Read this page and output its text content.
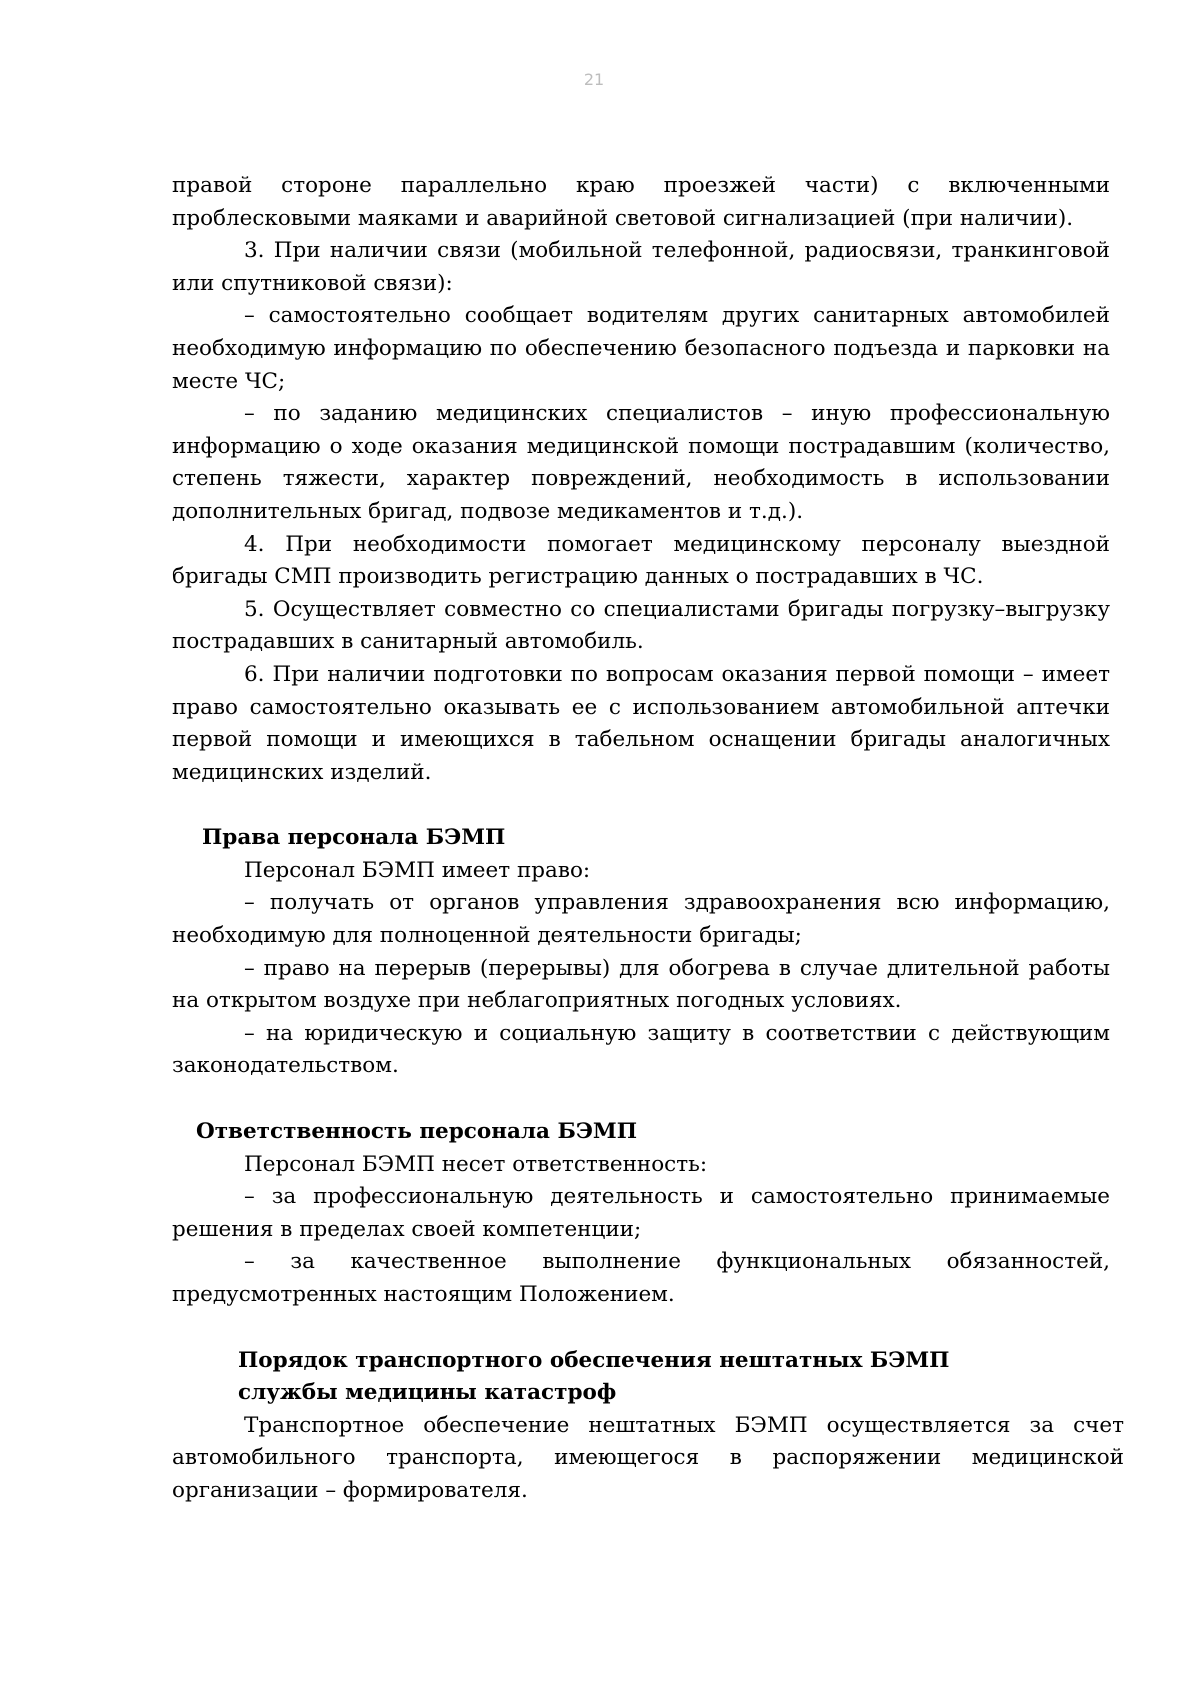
21

правой стороне параллельно краю проезжей части) с включенными проблесковыми маяками и аварийной световой сигнализацией (при наличии).

3. При наличии связи (мобильной телефонной, радиосвязи, транкинговой или спутниковой связи):

– самостоятельно сообщает водителям других санитарных автомобилей необходимую информацию по обеспечению безопасного подъезда и парковки на месте ЧС;

– по заданию медицинских специалистов – иную профессиональную информацию о ходе оказания медицинской помощи пострадавшим (количество, степень тяжести, характер повреждений, необходимость в использовании дополнительных бригад, подвозе медикаментов и т.д.).

4. При необходимости помогает медицинскому персоналу выездной бригады СМП производить регистрацию данных о пострадавших в ЧС.

5. Осуществляет совместно со специалистами бригады погрузку–выгрузку пострадавших в санитарный автомобиль.

6. При наличии подготовки по вопросам оказания первой помощи – имеет право самостоятельно оказывать ее с использованием автомобильной аптечки первой помощи и имеющихся в табельном оснащении бригады аналогичных медицинских изделий.

Права персонала БЭМП

Персонал БЭМП имеет право:

– получать от органов управления здравоохранения всю информацию, необходимую для полноценной деятельности бригады;

– право на перерыв (перерывы) для обогрева в случае длительной работы на открытом воздухе при неблагоприятных погодных условиях.

– на юридическую и социальную защиту в соответствии с действующим законодательством.

Ответственность персонала БЭМП

Персонал БЭМП несет ответственность:

– за профессиональную деятельность и самостоятельно принимаемые решения в пределах своей компетенции;

– за качественное выполнение функциональных обязанностей, предусмотренных настоящим Положением.

Порядок транспортного обеспечения нештатных БЭМП

службы медицины катастроф

Транспортное обеспечение нештатных БЭМП осуществляется за счет автомобильного транспорта, имеющегося в распоряжении медицинской организации – формирователя.
